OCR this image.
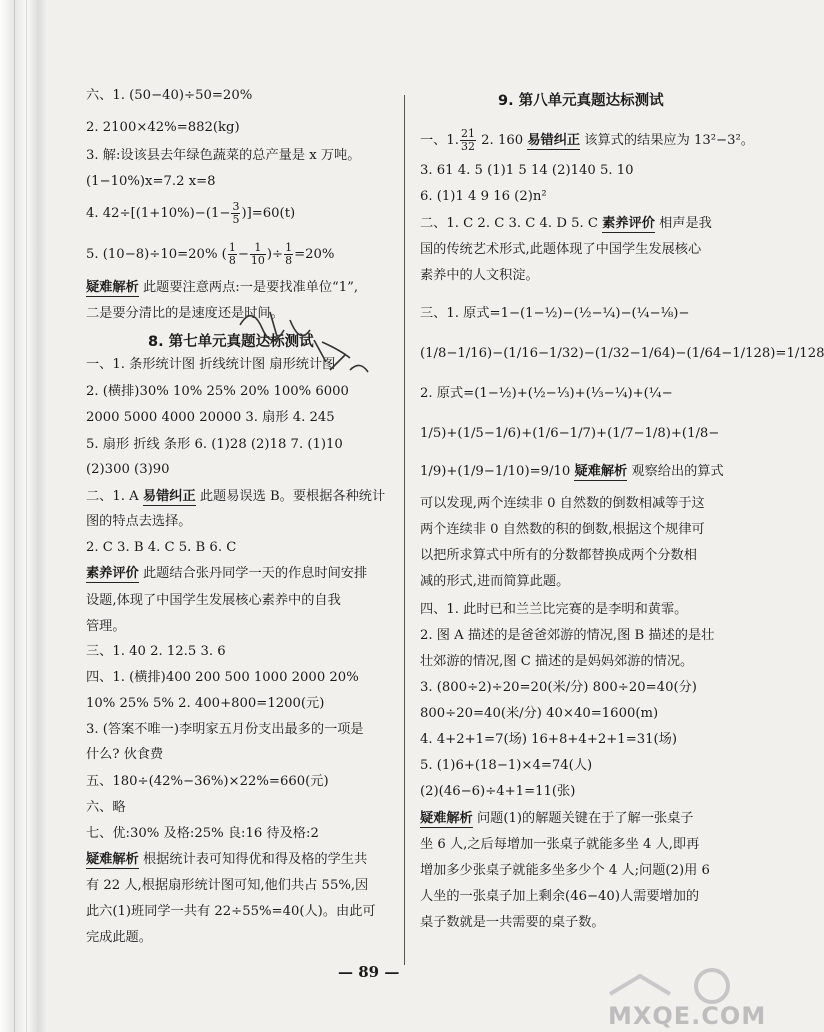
六、1. (50−40)÷50=20%
2. 2100×42%=882(kg)
3. 解:设该县去年绿色蔬菜的总产量是 x 万吨。
(1−10%)x=7.2 x=8
4. $42\div[(1+10\%)-(1- \frac{3}{5} )]=60(t)$
5. (10−8)÷10=20% ( $\frac{1}{8} - \frac{1}{10}$ )÷ $\frac{1}{8} =20\%$
疑难解析 此题要注意两点:一是要找准单位“1”,
二是要分清比的是速度还是时间。
8. 第七单元真题达标测试
一、1. 条形统计图 折线统计图 扇形统计图
2. (横排)30% 10% 25% 20% 100% 6000
2000 5000 4000 20000 3. 扇形 4. 245
5. 扇形 折线 条形 6. (1)28 (2)18 7. (1)10
(2)300 (3)90
二、1. A 易错纠正 此题易误选 B。要根据各种统计
图的特点去选择。
2. C 3. B 4. C 5. B 6. C
素养评价 此题结合张丹同学一天的作息时间安排
设题,体现了中国学生发展核心素养中的自我
管理。
三、1. 40 2. 12.5 3. 6
四、1. (横排)400 200 500 1000 2000 20%
10% 25% 5% 2. 400+800=1200(元)
3. (答案不唯一)李明家五月份支出最多的一项是
什么? 伙食费
五、180÷(42%−36%)×22%=660(元)
六、略
七、优:30% 及格:25% 良:16 待及格:2
疑难解析 根据统计表可知得优和得及格的学生共
有 22 人,根据扇形统计图可知,他们共占 55%,因
此六(1)班同学一共有 22÷55%=40(人)。由此可
完成此题。
9. 第八单元真题达标测试
一、1. $\frac{21}{32} 2$. 160 易错纠正 该算式的结果应为 13²−3²。
3. 61 4. 5 (1)1 5 14 (2)140 5. 10
6. (1)1 4 9 16 (2)n²
二、1. C 2. C 3. C 4. D 5. C 素养评价 相声是我
国的传统艺术形式,此题体现了中国学生发展核心
素养中的人文积淀。
三、1. 原式=1−(1−½)−(½−¼)−(¼−⅛)−
(1/8−1/16)−(1/16−1/32)−(1/32−1/64)−(1/64−1/128)=1/128
2. 原式=(1−½)+(½−⅓)+(⅓−¼)+(¼−
1/5)+(1/5−1/6)+(1/6−1/7)+(1/7−1/8)+(1/8−
1/9)+(1/9−1/10)=9/10 疑难解析 观察给出的算式
可以发现,两个连续非 0 自然数的倒数相减等于这
两个连续非 0 自然数的积的倒数,根据这个规律可
以把所求算式中所有的分数都替换成两个分数相
减的形式,进而简算此题。
四、1. 此时已和兰兰比完赛的是李明和黄霏。
2. 图 A 描述的是爸爸郊游的情况,图 B 描述的是壮
壮郊游的情况,图 C 描述的是妈妈郊游的情况。
3. (800÷2)÷20=20(米/分) 800÷20=40(分)
800÷20=40(米/分) 40×40=1600(m)
4. 4+2+1=7(场) 16+8+4+2+1=31(场)
5. (1)6+(18−1)×4=74(人)
(2)(46−6)÷4+1=11(张)
疑难解析 问题(1)的解题关键在于了解一张桌子
坐 6 人,之后每增加一张桌子就能多坐 4 人,即再
增加多少张桌子就能多坐多少个 4 人;问题(2)用 6
人坐的一张桌子加上剩余(46−40)人需要增加的
桌子数就是一共需要的桌子数。
— 89 —
MXQE.COM
